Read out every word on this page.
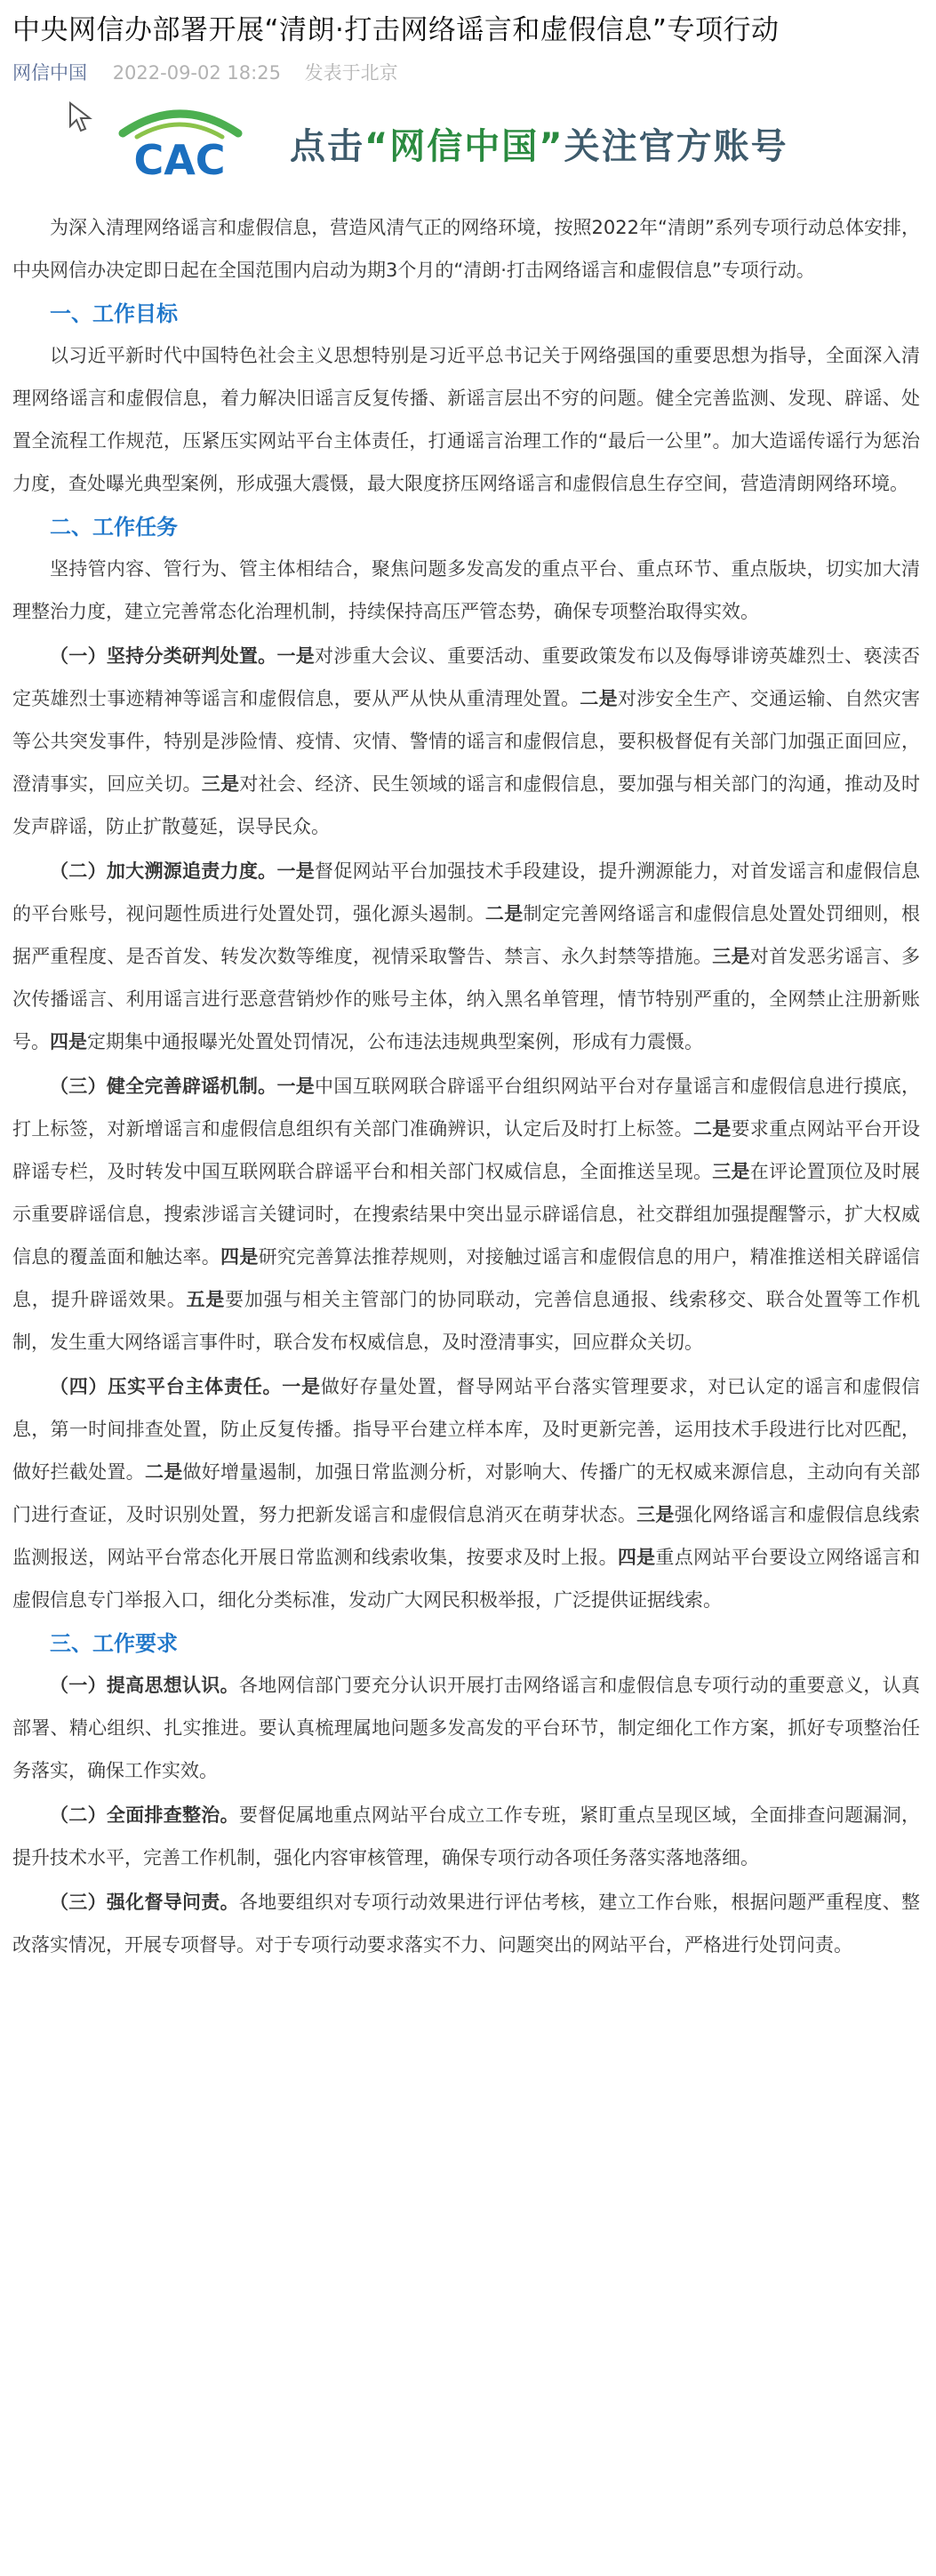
中央网信办部署开展“清朗·打击网络谣言和虚假信息”专项行动
网信中国 2022-09-02 18:25 发表于北京
CAC 点击“网信中国”关注官方账号

为深入清理网络谣言和虚假信息，营造风清气正的网络环境，按照2022年“清朗”系列专项行动总体安排，中央网信办决定即日起在全国范围内启动为期3个月的“清朗·打击网络谣言和虚假信息”专项行动。

一、工作目标

以习近平新时代中国特色社会主义思想特别是习近平总书记关于网络强国的重要思想为指导，全面深入清理网络谣言和虚假信息，着力解决旧谣言反复传播、新谣言层出不穷的问题。健全完善监测、发现、辟谣、处置全流程工作规范，压紧压实网站平台主体责任，打通谣言治理工作的“最后一公里”。加大造谣传谣行为惩治力度，查处曝光典型案例，形成强大震慑，最大限度挤压网络谣言和虚假信息生存空间，营造清朗网络环境。

二、工作任务

坚持管内容、管行为、管主体相结合，聚焦问题多发高发的重点平台、重点环节、重点版块，切实加大清理整治力度，建立完善常态化治理机制，持续保持高压严管态势，确保专项整治取得实效。

（一）坚持分类研判处置。一是对涉重大会议、重要活动、重要政策发布以及侮辱诽谤英雄烈士、亵渎否定英雄烈士事迹精神等谣言和虚假信息，要从严从快从重清理处置。二是对涉安全生产、交通运输、自然灾害等公共突发事件，特别是涉险情、疫情、灾情、警情的谣言和虚假信息，要积极督促有关部门加强正面回应，澄清事实，回应关切。三是对社会、经济、民生领域的谣言和虚假信息，要加强与相关部门的沟通，推动及时发声辟谣，防止扩散蔓延，误导民众。

（二）加大溯源追责力度。一是督促网站平台加强技术手段建设，提升溯源能力，对首发谣言和虚假信息的平台账号，视问题性质进行处置处罚，强化源头遏制。二是制定完善网络谣言和虚假信息处置处罚细则，根据严重程度、是否首发、转发次数等维度，视情采取警告、禁言、永久封禁等措施。三是对首发恶劣谣言、多次传播谣言、利用谣言进行恶意营销炒作的账号主体，纳入黑名单管理，情节特别严重的，全网禁止注册新账号。四是定期集中通报曝光处置处罚情况，公布违法违规典型案例，形成有力震慑。

（三）健全完善辟谣机制。一是中国互联网联合辟谣平台组织网站平台对存量谣言和虚假信息进行摸底，打上标签，对新增谣言和虚假信息组织有关部门准确辨识，认定后及时打上标签。二是要求重点网站平台开设辟谣专栏，及时转发中国互联网联合辟谣平台和相关部门权威信息，全面推送呈现。三是在评论置顶位及时展示重要辟谣信息，搜索涉谣言关键词时，在搜索结果中突出显示辟谣信息，社交群组加强提醒警示，扩大权威信息的覆盖面和触达率。四是研究完善算法推荐规则，对接触过谣言和虚假信息的用户，精准推送相关辟谣信息，提升辟谣效果。五是要加强与相关主管部门的协同联动，完善信息通报、线索移交、联合处置等工作机制，发生重大网络谣言事件时，联合发布权威信息，及时澄清事实，回应群众关切。

（四）压实平台主体责任。一是做好存量处置，督导网站平台落实管理要求，对已认定的谣言和虚假信息，第一时间排查处置，防止反复传播。指导平台建立样本库，及时更新完善，运用技术手段进行比对匹配，做好拦截处置。二是做好增量遏制，加强日常监测分析，对影响大、传播广的无权威来源信息，主动向有关部门进行查证，及时识别处置，努力把新发谣言和虚假信息消灭在萌芽状态。三是强化网络谣言和虚假信息线索监测报送，网站平台常态化开展日常监测和线索收集，按要求及时上报。四是重点网站平台要设立网络谣言和虚假信息专门举报入口，细化分类标准，发动广大网民积极举报，广泛提供证据线索。

三、工作要求

（一）提高思想认识。各地网信部门要充分认识开展打击网络谣言和虚假信息专项行动的重要意义，认真部署、精心组织、扎实推进。要认真梳理属地问题多发高发的平台环节，制定细化工作方案，抓好专项整治任务落实，确保工作实效。

（二）全面排查整治。要督促属地重点网站平台成立工作专班，紧盯重点呈现区域，全面排查问题漏洞，提升技术水平，完善工作机制，强化内容审核管理，确保专项行动各项任务落实落地落细。

（三）强化督导问责。各地要组织对专项行动效果进行评估考核，建立工作台账，根据问题严重程度、整改落实情况，开展专项督导。对于专项行动要求落实不力、问题突出的网站平台，严格进行处罚问责。
